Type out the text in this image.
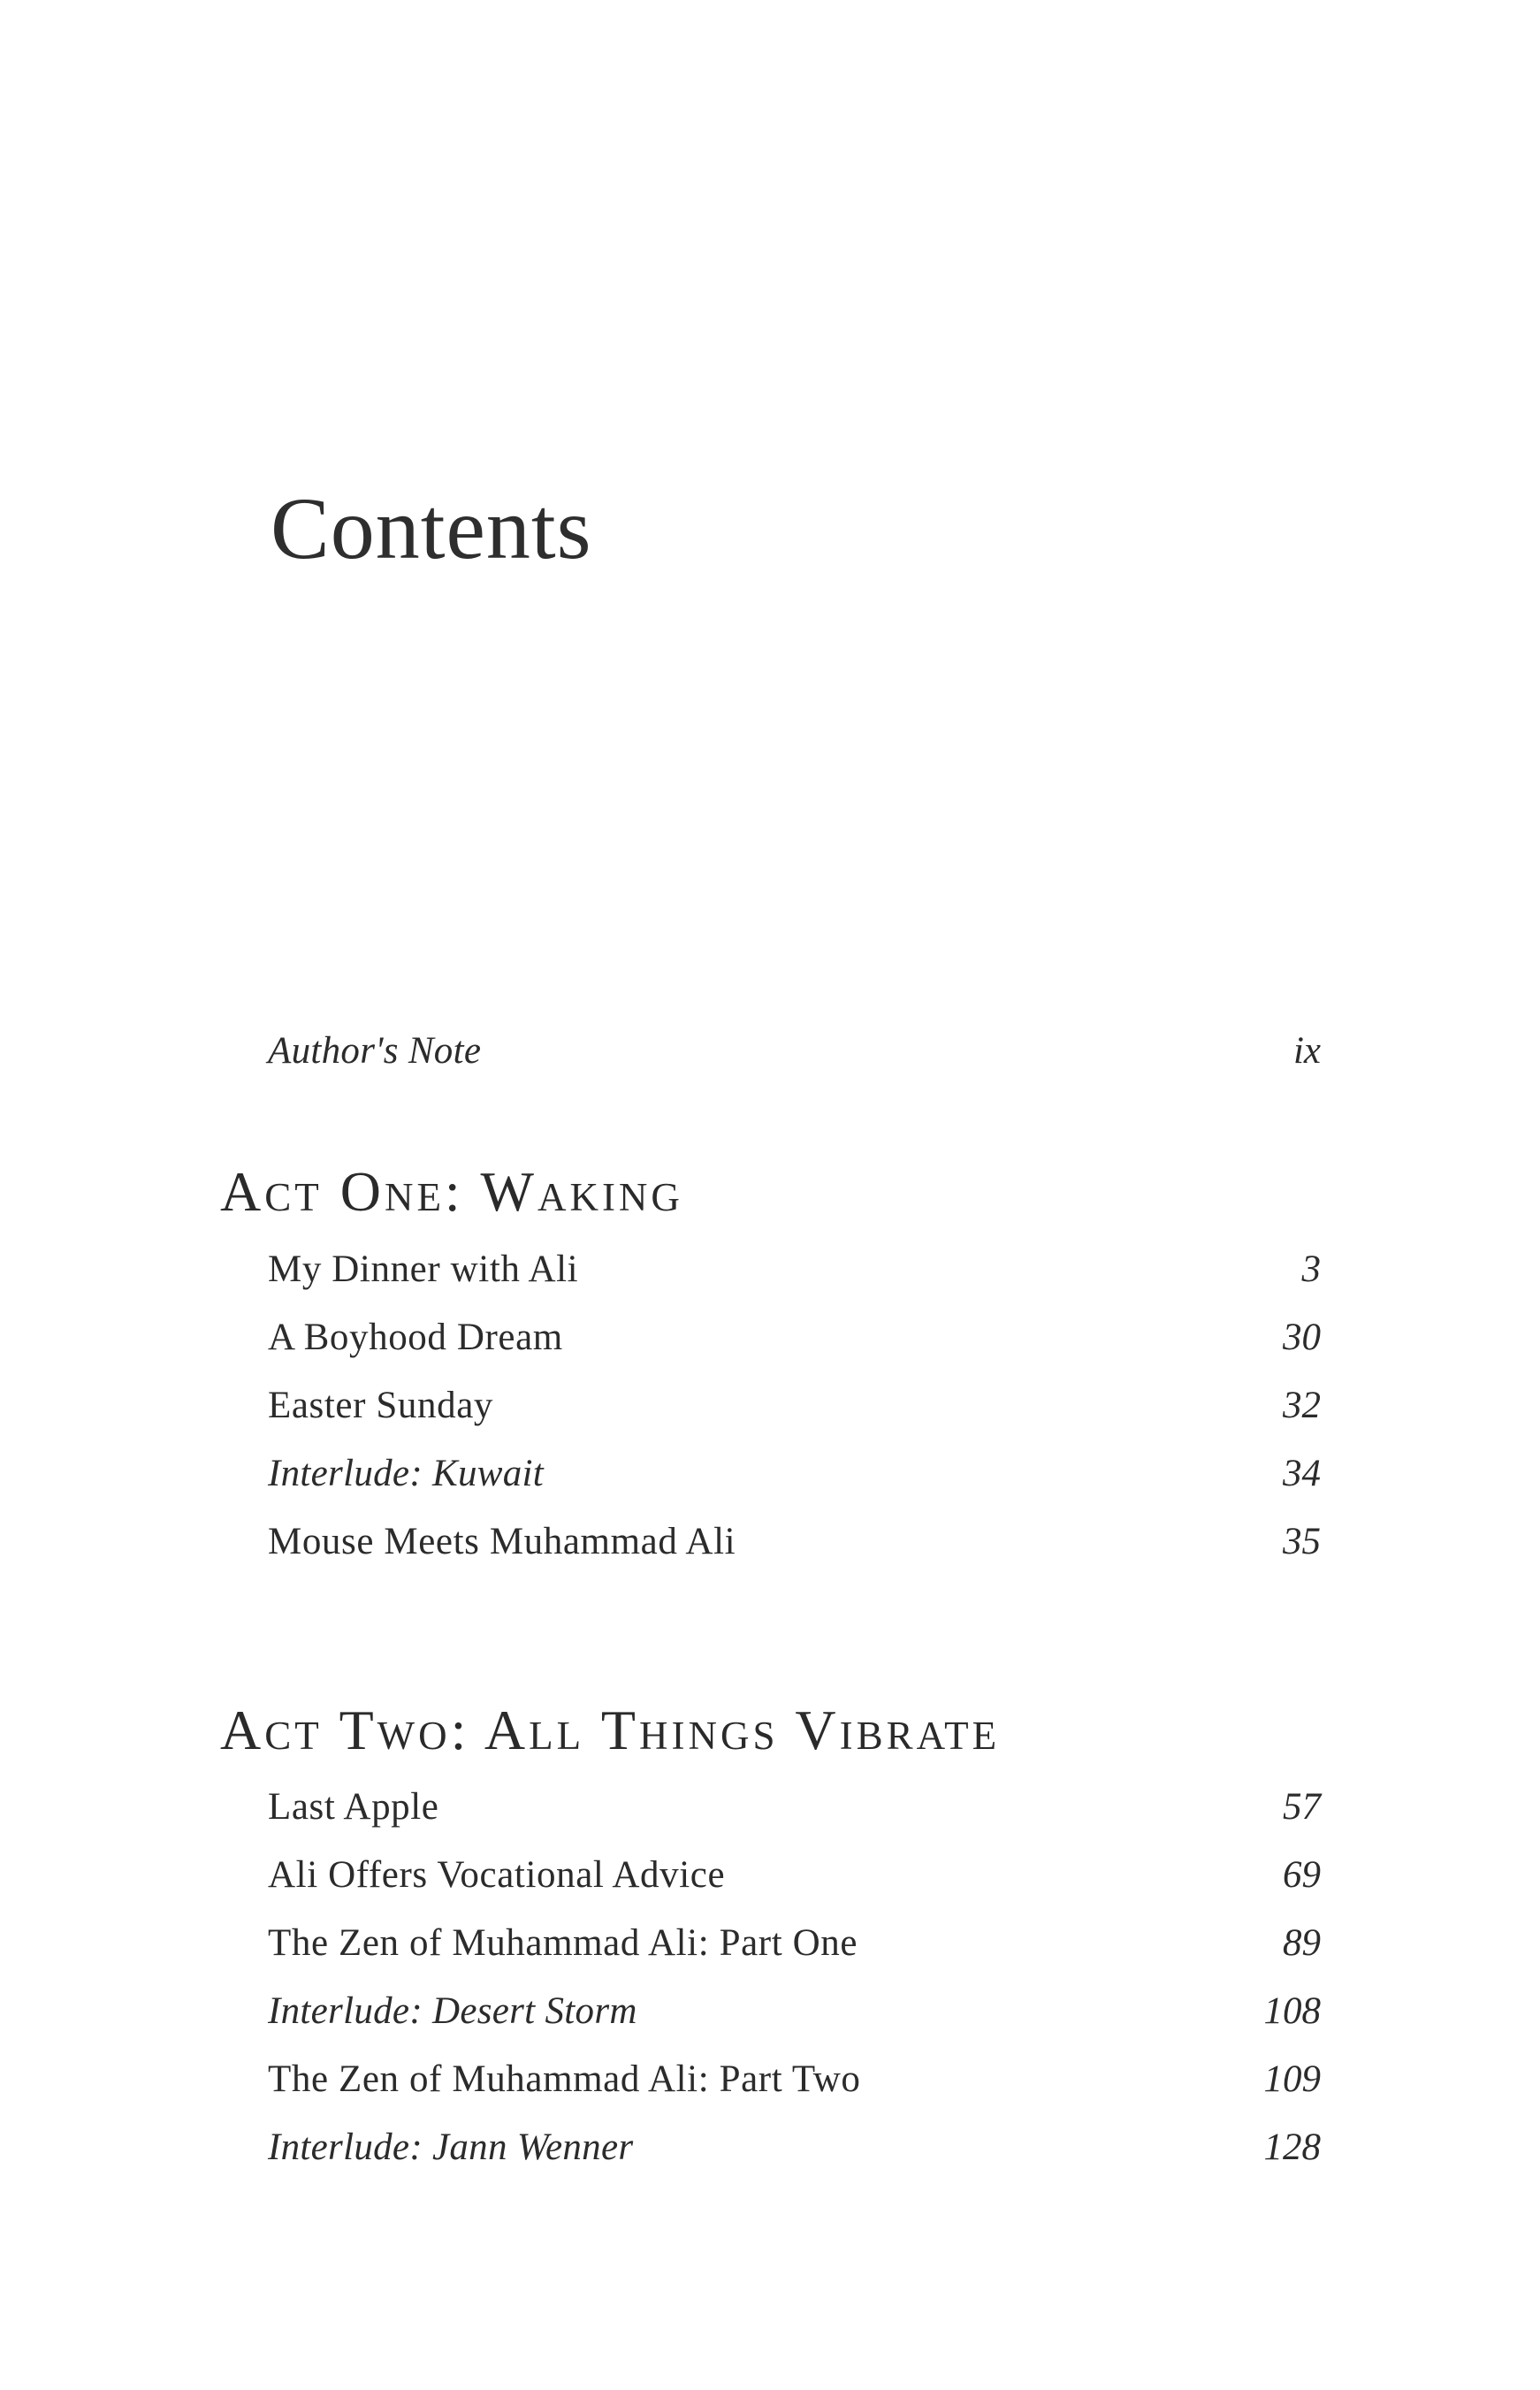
Contents
Author's Note	ix
Act One: Waking
My Dinner with Ali	3
A Boyhood Dream	30
Easter Sunday	32
Interlude: Kuwait	34
Mouse Meets Muhammad Ali	35
Act Two: All Things Vibrate
Last Apple	57
Ali Offers Vocational Advice	69
The Zen of Muhammad Ali: Part One	89
Interlude: Desert Storm	108
The Zen of Muhammad Ali: Part Two	109
Interlude: Jann Wenner	128
